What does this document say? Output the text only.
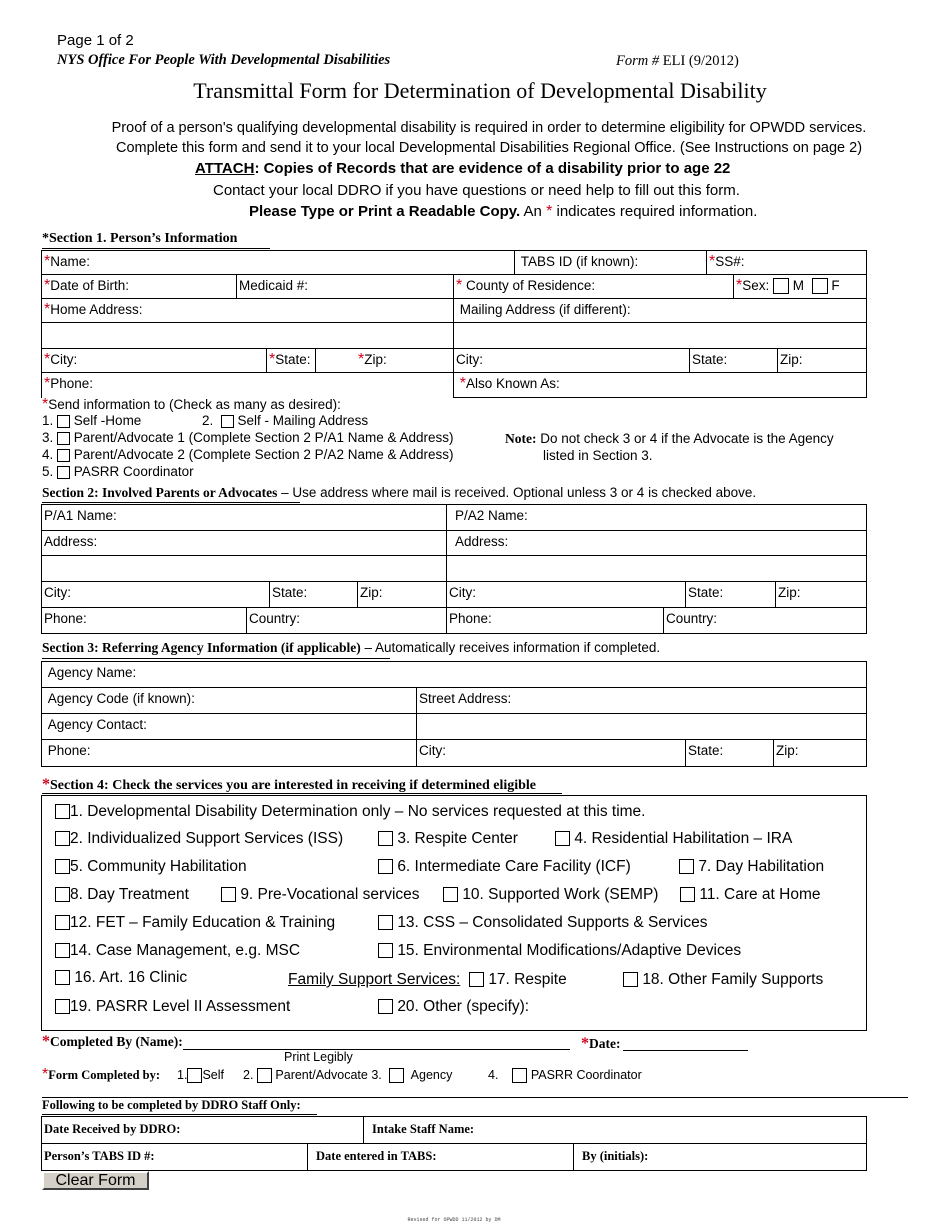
Page 1 of 2
NYS Office For People With Developmental Disabilities	Form # ELI (9/2012)
Transmittal Form for Determination of Developmental Disability
Proof of a person's qualifying developmental disability is required in order to determine eligibility for OPWDD services.
Complete this form and send it to your local Developmental Disabilities Regional Office. (See Instructions on page 2)
ATTACH: Copies of Records that are evidence of a disability prior to age 22
Contact your local DDRO if you have questions or need help to fill out this form.
Please Type or Print a Readable Copy. An * indicates required information.
*Section 1. Person’s Information
*Name:	TABS ID (if known):	*SS#:
*Date of Birth:	Medicaid #:	* County of Residence:	*Sex: M F
*Home Address:	Mailing Address (if different):
*City:	*State:	*Zip:	City:	State:	Zip:
*Phone:	*Also Known As:
*Send information to (Check as many as desired):
1. Self -Home	2. Self - Mailing Address
3. Parent/Advocate 1 (Complete Section 2 P/A1 Name & Address)
4. Parent/Advocate 2 (Complete Section 2 P/A2 Name & Address)
5. PASRR Coordinator
Note: Do not check 3 or 4 if the Advocate is the Agency
listed in Section 3.
Section 2: Involved Parents or Advocates – Use address where mail is received. Optional unless 3 or 4 is checked above.
P/A1 Name:	P/A2 Name:
Address:	Address:
City:	State:	Zip:	City:	State:	Zip:
Phone:	Country:	Phone:	Country:
Section 3: Referring Agency Information (if applicable) – Automatically receives information if completed.
Agency Name:
Agency Code (if known):	Street Address:
Agency Contact:
Phone:	City:	State:	Zip:
*Section 4: Check the services you are interested in receiving if determined eligible
1. Developmental Disability Determination only – No services requested at this time.
2. Individualized Support Services (ISS)	3. Respite Center	4. Residential Habilitation – IRA
5. Community Habilitation	6. Intermediate Care Facility (ICF)	7. Day Habilitation
8. Day Treatment	9. Pre-Vocational services	10. Supported Work (SEMP)	11. Care at Home
12. FET – Family Education & Training	13. CSS – Consolidated Supports & Services
14. Case Management, e.g. MSC	15. Environmental Modifications/Adaptive Devices
16. Art. 16 Clinic	Family Support Services:	17. Respite	18. Other Family Supports
19. PASRR Level II Assessment	20. Other (specify):
*Completed By (Name):
Print Legibly
*Date:
*Form Completed by: 1. Self 2. Parent/Advocate 3. Agency	4.	PASRR Coordinator
Following to be completed by DDRO Staff Only:
Date Received by DDRO:	Intake Staff Name:
Person’s TABS ID #:	Date entered in TABS:	By (initials):
Clear Form
Revised for OPWDD 11/2012 by DM
